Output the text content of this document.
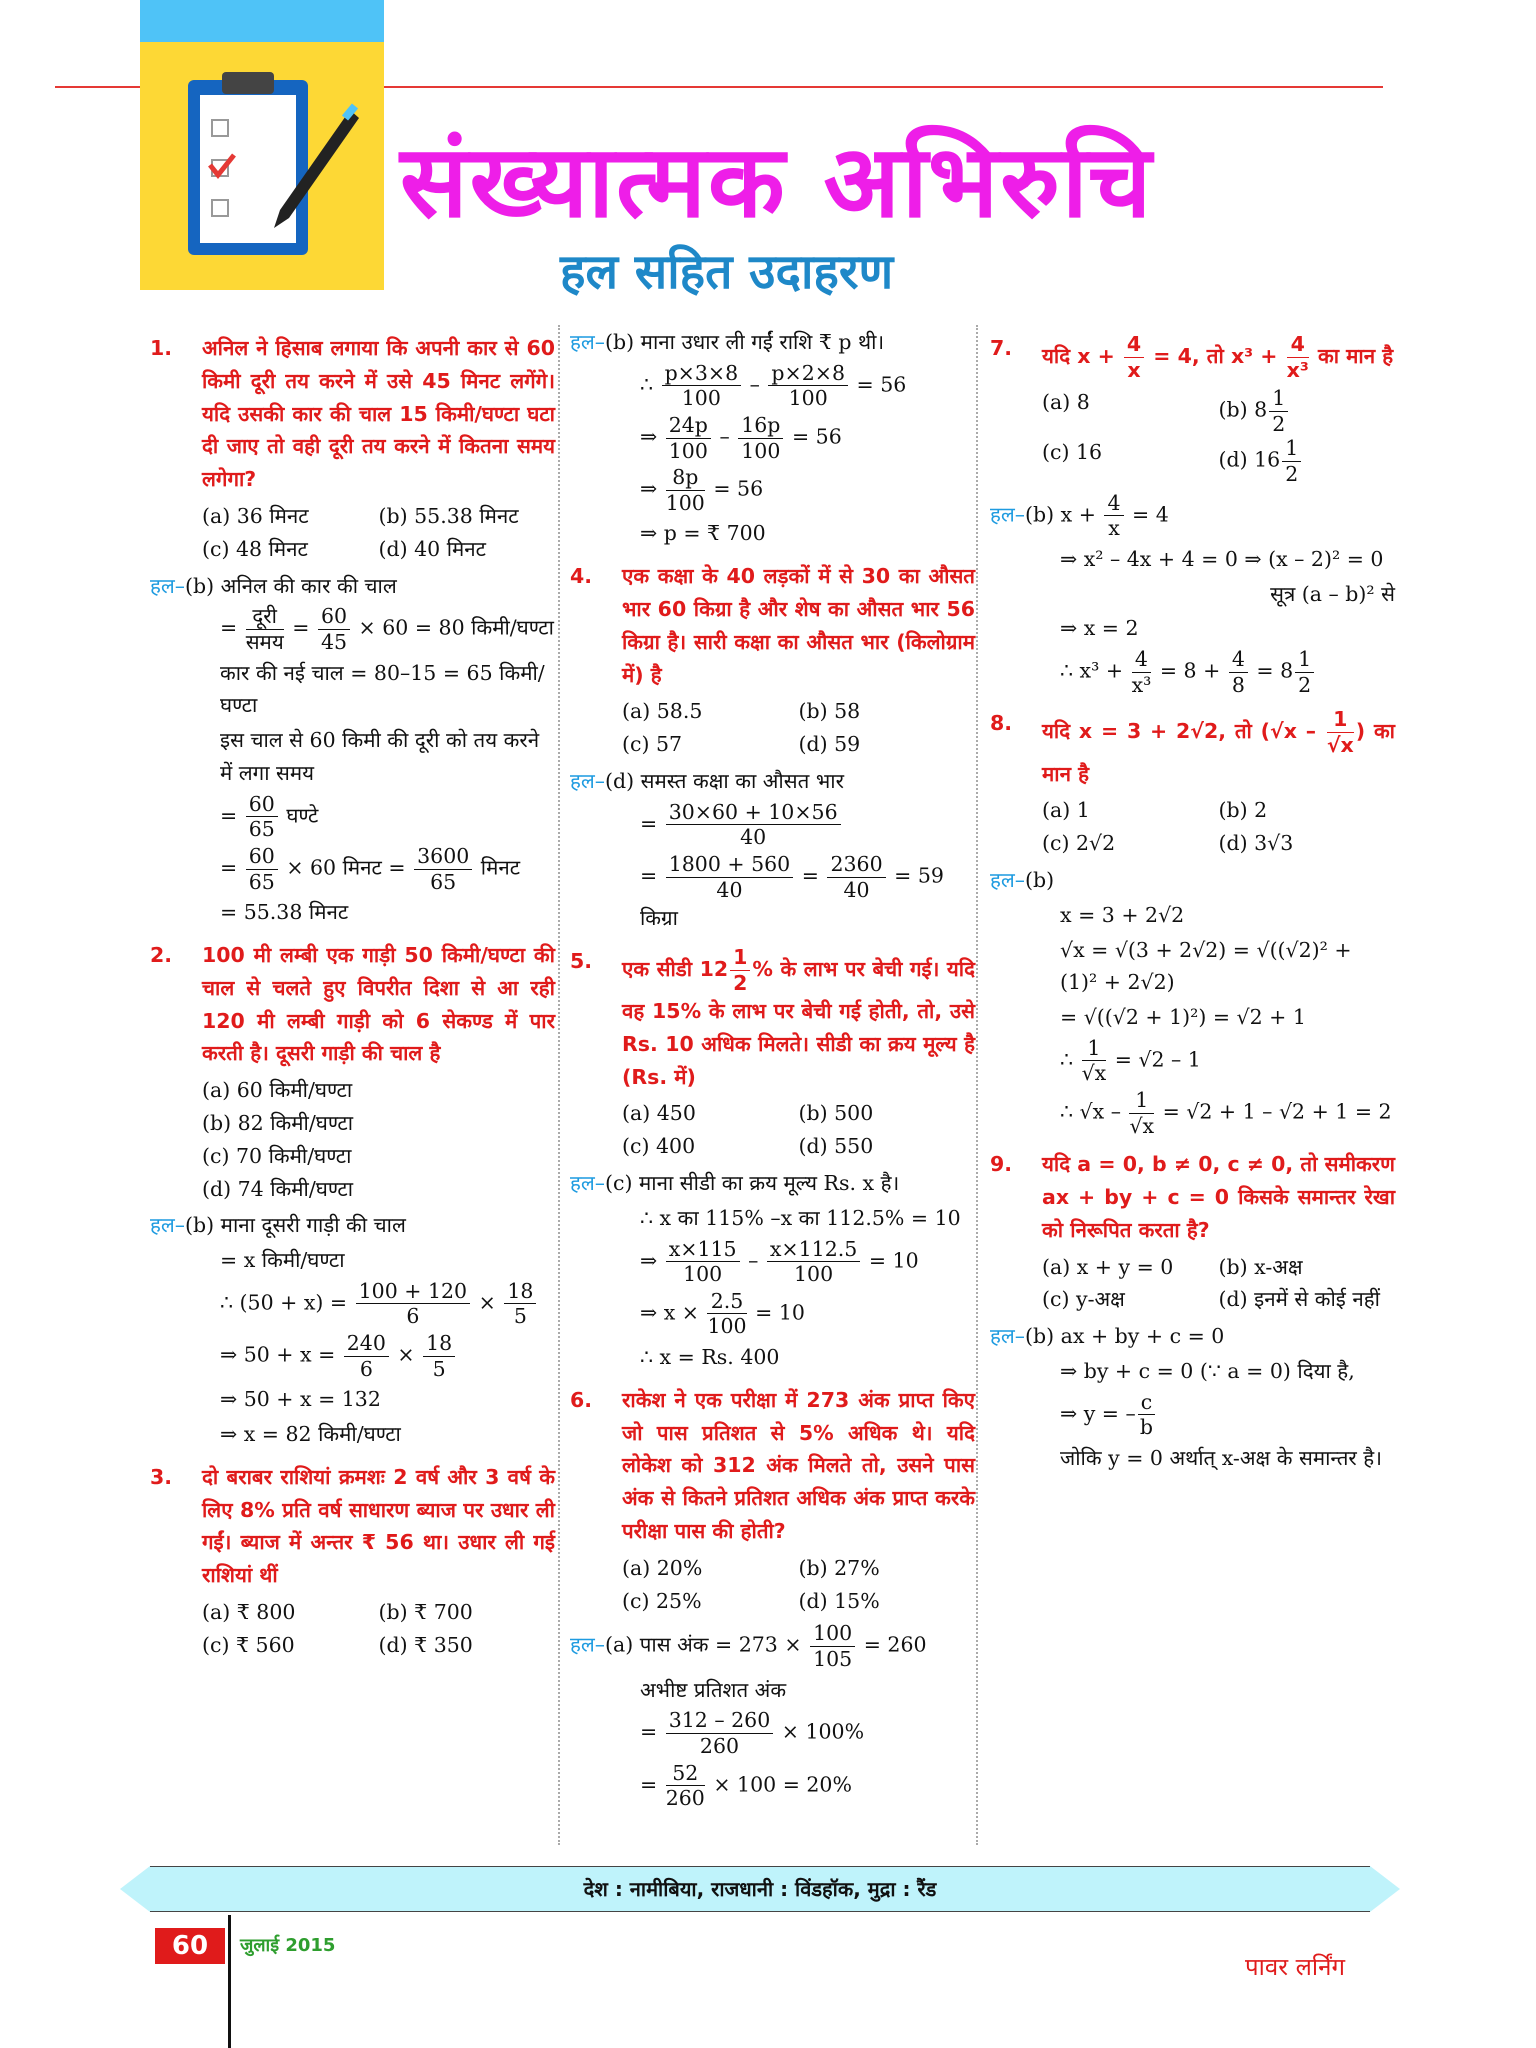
संख्यात्मक अभिरुचि
हल सहित उदाहरण
1.	अनिल ने हिसाब लगाया कि अपनी कार से 60 किमी दूरी तय करने में उसे 45 मिनट लगेंगे। यदि उसकी कार की चाल 15 किमी/घण्टा घटा दी जाए तो वही दूरी तय करने में कितना समय लगेगा?
(a) 36 मिनट	(b) 55.38 मिनट
(c) 48 मिनट	(d) 40 मिनट
हल–(b) अनिल की कार की चाल
= दूरी
समय
= $\frac{60}{45} \times 60 = 80$ किमी/घण्टा
कार की नई चाल = 80–15 = 65 किमी/घण्टा
इस चाल से 60 किमी की दूरी को तय करने में लगा समय
= $\frac{60}{65}$ घण्टे
= $\frac{60}{65} \times 60$ मिनट = $\frac{3600}{65}$ मिनट
= 55.38 मिनट
2.	100 मी लम्बी एक गाड़ी 50 किमी/घण्टा की चाल से चलते हुए विपरीत दिशा से आ रही 120 मी लम्बी गाड़ी को 6 सेकण्ड में पार करती है। दूसरी गाड़ी की चाल है
(a) 60 किमी/घण्टा
(b) 82 किमी/घण्टा
(c) 70 किमी/घण्टा
(d) 74 किमी/घण्टा
हल–(b) माना दूसरी गाड़ी की चाल
= x किमी/घण्टा
∴ $(50 + x) = \frac{100 + 120}{6} \times \frac{18}{5}$
⇒ $50 + x = \frac{240}{6} \times \frac{18}{5}$
⇒ 50 + x = 132
⇒ x = 82 किमी/घण्टा
3.	दो बराबर राशियां क्रमशः 2 वर्ष और 3 वर्ष के लिए 8% प्रति वर्ष साधारण ब्याज पर उधार ली गईं। ब्याज में अन्तर ₹ 56 था। उधार ली गई राशियां थीं
(a) ₹ 800	(b) ₹ 700
(c) ₹ 560	(d) ₹ 350
हल–(b) माना उधार ली गईं राशि ₹ p थी।
∴ $\frac{p\times 3\times 8}{100} - \frac{p\times 2\times 8}{100} = 56$
⇒ $\frac{24p}{100} - \frac{16p}{100} = 56$
⇒ $\frac{8p}{100} = 56$
⇒ p = ₹ 700
4.	एक कक्षा के 40 लड़कों में से 30 का औसत भार 60 किग्रा है और शेष का औसत भार 56 किग्रा है। सारी कक्षा का औसत भार (किलोग्राम में) है
(a) 58.5	(b) 58
(c) 57	(d) 59
हल–(d) समस्त कक्षा का औसत भार
= $\frac{30\times 60 + 10\times 56}{40}$
= $\frac{1800 + 560}{40} = \frac{2360}{40} = 59$ किग्रा
5.	एक सीडी $12 \frac{1}{2}$ % के लाभ पर बेची गई। यदि वह 15% के लाभ पर बेची गई होती, तो, उसे Rs. 10 अधिक मिलते। सीडी का क्रय मूल्य है (Rs. में)
(a) 450	(b) 500
(c) 400	(d) 550
हल–(c) माना सीडी का क्रय मूल्य Rs. x है।
∴ x का 115% –x का 112.5% = 10
⇒ $\frac{x\times 115}{100} - \frac{x\times 112.5}{100} = 10$
⇒ $x \times \frac{2.5}{100} = 10$
∴ x = Rs. 400
6.	राकेश ने एक परीक्षा में 273 अंक प्राप्त किए जो पास प्रतिशत से 5% अधिक थे। यदि लोकेश को 312 अंक मिलते तो, उसने पास अंक से कितने प्रतिशत अधिक अंक प्राप्त करके परीक्षा पास की होती?
(a) 20%	(b) 27%
(c) 25%	(d) 15%
हल–(a) पास अंक = $273 \times \frac{100}{105} = 260$
अभीष्ट प्रतिशत अंक
= $\frac{312 - 260}{260} \times 100\%$
= $\frac{52}{260} \times 100 = 20\%$
7.	यदि $x + \frac{4}{x} = 4$, तो $x^3 + \frac{4}{\text{x³}}$ का मान है
(a) 8	(b) $8 \frac{1}{2}$
(c) 16	(d) $16 \frac{1}{2}$
हल–(b) $x + \frac{4}{x} = 4$
⇒ x² – 4x + 4 = 0 ⇒ (x – 2)² = 0
सूत्र (a – b)² से
⇒ x = 2
∴ $x^3 + \frac{4}{\text{x³}} = 8 + \frac{4}{8} = 8 \frac{1}{2}$
8.	यदि x = 3 + 2√2, तो ($√x - \frac{1}{√x}$ ) का मान है
(a) 1	(b) 2
(c) 2√2	(d) 3√3
हल–(b)
x = 3 + 2√2
√x = √(3 + 2√2) = √((√2)² + (1)² + 2√2)
= √((√2 + 1)²) = √2 + 1
∴ $\frac{1}{√x} = √2 - 1$
∴ $√x - \frac{1}{√x} = √2 + 1 - √2 + 1 = 2$
9.	यदि a = 0, b ≠ 0, c ≠ 0, तो समीकरण ax + by + c = 0 किसके समान्तर रेखा को निरूपित करता है?
(a) x + y = 0	(b) x-अक्ष
(c) y-अक्ष	(d) इनमें से कोई नहीं
हल–(b) ax + by + c = 0
⇒ by + c = 0 (∵ a = 0) दिया है,
⇒ y = – $\frac{c}{b}$
जोकि y = 0 अर्थात् x-अक्ष के समान्तर है।
देश : नामीबिया, राजधानी : विंडहॉक, मुद्रा : रैंड
60	जुलाई 2015
पावर लर्निंग
